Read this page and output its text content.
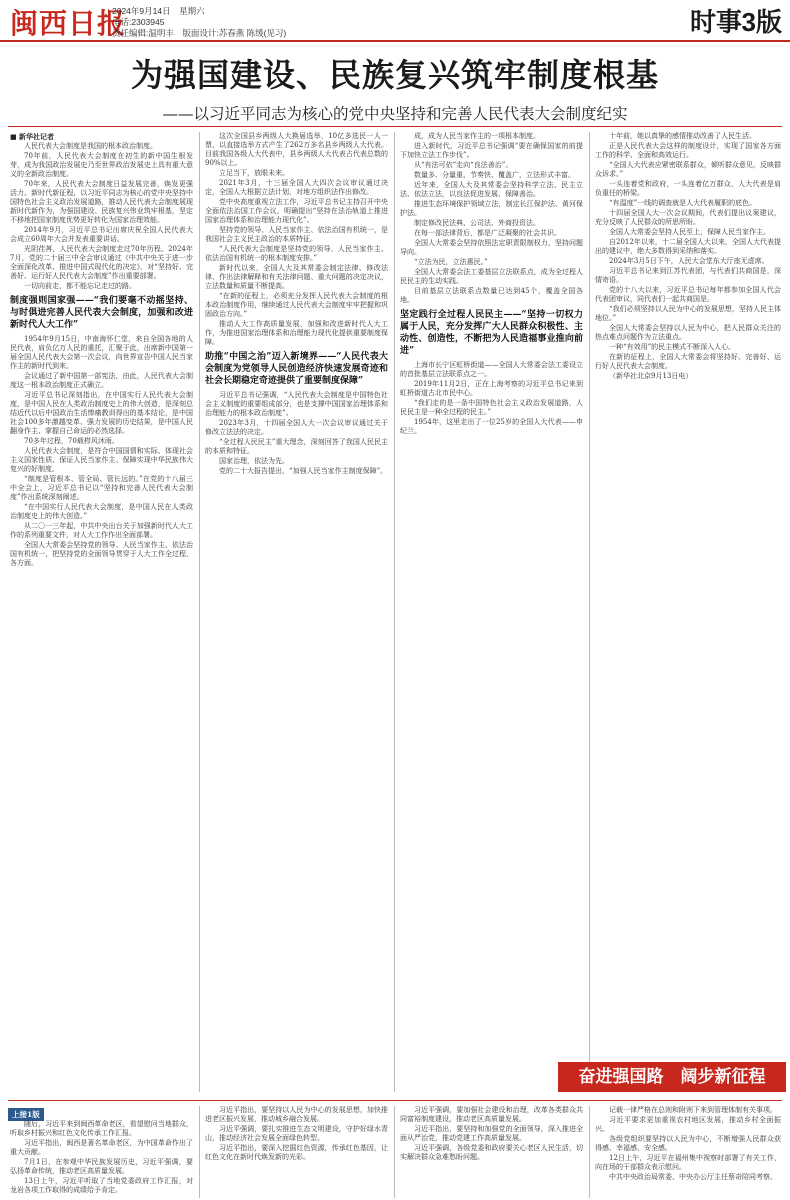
闽西日报
2024年9月14日　星期六
电话:2303945
责任编辑:温明丰　版面设计:苏春燕 陈缓(见习)	时事 3版
为强国建设、民族复兴筑牢制度根基
——以习近平同志为核心的党中央坚持和完善人民代表大会制度纪实

■ 新华社记者

人民代表大会制度是我国的根本政治制度。

70年前，人民代表大会制度在初生的新中国生根发芽，成为我国政治发展史乃至世界政治发展史上具有重大意义的全新政治制度。

70年来，人民代表大会制度日益发展完善，焕发更强活力。新时代新征程，以习近平同志为核心的党中央坚持中国特色社会主义政治发展道路，推动人民代表大会制度展现新时代新作为，为强国建设、民族复兴伟业筑牢根基，坚定不移地把国家制度优势更好转化为国家治理效能。

2014年9月，习近平总书记出席庆祝全国人民代表大会成立60周年大会并发表重要讲话。

光阴荏苒，人民代表大会制度走过70年历程。2024年7月，党的二十届三中全会审议通过《中共中央关于进一步全面深化改革、推进中国式现代化的决定》，对“坚持好、完善好、运行好人民代表大会制度”作出重要部署。

一切向前走，都不能忘记走过的路。

制度强则国家强——“我们要毫不动摇坚持、与时俱进完善人民代表大会制度，加强和改进新时代人大工作”

1954年9月15日，中南海怀仁堂，来自全国各地的人民代表，肩负亿万人民的重托，汇聚于此，出席新中国第一届全国人民代表大会第一次会议，向世界宣告中国人民当家作主的新时代到来。

会议通过了新中国第一部宪法，由此，人民代表大会制度这一根本政治制度正式确立。

习近平总书记深刻指出，在中国实行人民代表大会制度，是中国人民在人类政治制度史上的伟大创造，是深刻总结近代以后中国政治生活惨痛教训得出的基本结论，是中国社会100多年激越变革、强力发展的历史结果，是中国人民翻身作主、掌握自己命运的必然选择。

70多年过程，70载栉风沐雨。

人民代表大会制度，是符合中国国情和实际、体现社会主义国家性质、保证人民当家作主、保障实现中华民族伟大复兴的好制度。

“制度是管根本、管全局、管长远的。”在党的十八届三中全会上，习近平总书记以“坚持和完善人民代表大会制度”作出系统深刻阐述。

“在中国实行人民代表大会制度，是中国人民在人类政治制度史上的伟大创造。”

从二〇一三年起，中共中央出台关于加强新时代人大工作的系列重要文件，对人大工作作出全面部署。

全国人大常委会坚持党的领导、人民当家作主、依法治国有机统一，把坚持党的全面领导贯穿于人大工作全过程、各方面。

这次全国县乡两级人大换届选举，10亿多选民一人一票，以直接选举方式产生了262万多名县乡两级人大代表。目前我国各级人大代表中，县乡两级人大代表占代表总数的90%以上。

立足当下，放眼未来。

2021年3月，十三届全国人大四次会议审议通过决定，全国人大根据立法计划，对地方组织法作出修改。

党中央高度重视立法工作，习近平总书记主持召开中央全面依法治国工作会议，明确提出“坚持在法治轨道上推进国家治理体系和治理能力现代化”。

坚持党的领导、人民当家作主、依法治国有机统一，是我国社会主义民主政治的本质特征。

“人民代表大会制度是坚持党的领导、人民当家作主、依法治国有机统一的根本制度安排。”

新时代以来，全国人大及其常委会制定法律、修改法律、作出法律解释和有关法律问题、重大问题的决定决议，立法数量和质量不断提高。

“在新的征程上，必须充分发挥人民代表大会制度的根本政治制度作用，继续通过人民代表大会制度牢牢把握和巩固政治方向。”

推动人大工作高质量发展，加强和改进新时代人大工作，为推进国家治理体系和治理能力现代化提供重要制度保障。

助推“中国之治”迈入新境界——“人民代表大会制度为党领导人民创造经济快速发展奇迹和社会长期稳定奇迹提供了重要制度保障”

习近平总书记强调，“人民代表大会制度是中国特色社会主义制度的重要组成部分，也是支撑中国国家治理体系和治理能力的根本政治制度”。

2023年3月，十四届全国人大一次会议审议通过关于修改立法法的决定。

“全过程人民民主”重大理念，深刻回答了我国人民民主的本质和特征。

国家治理，依法为先。

党的二十大报告提出，“加强人民当家作主制度保障”。

成，成为人民当家作主的一项根本制度。

进入新时代，习近平总书记强调“要在确保国家的前提下加快立法工作步伐”。

从“有法可依”走向“良法善治”。

数量多、分量重、节奏快、覆盖广，立法形式丰富。

近年来，全国人大及其常委会坚持科学立法、民主立法、依法立法，以良法促进发展、保障善治。

推进生态环境保护领域立法，制定长江保护法、黄河保护法。

制定修改民法典、公司法、外商投资法。

在每一部法律背后，都是广泛凝聚的社会共识。

全国人大常委会坚持依照法定职责限制权力，坚持问题导向。

“立法为民，立法惠民。”

全国人大常委会法工委基层立法联系点，成为全过程人民民主的生动实践。

目前基层立法联系点数量已达到45个，覆盖全国各地。

坚定践行全过程人民民主——“坚持一切权力属于人民，充分发挥广大人民群众积极性、主动性、创造性，不断把为人民造福事业推向前进”

上海市长宁区虹桥街道——全国人大常委会法工委设立的首批基层立法联系点之一。

2019年11月2日，正在上海考察的习近平总书记来到虹桥街道古北市民中心。

“我们走的是一条中国特色社会主义政治发展道路，人民民主是一种全过程的民主。”

1954年，这里走出了一位25岁的全国人大代表——申纪兰。

十年前，她以真挚的感情推动改善了人民生活。

正是人民代表大会这样的制度设计，实现了国家各方面工作的科学、全面和高效运行。

“全国人大代表应紧密联系群众，倾听群众意见，反映群众诉求。”

一头连着党和政府，一头连着亿万群众，人大代表是肩负重任的桥梁。

“有温度”一线的调查就是人大代表履职的底色。

十四届全国人大一次会议期间，代表们提出议案建议，充分反映了人民群众的所思所盼。

全国人大常委会坚持人民至上，保障人民当家作主。

自2012年以来，十二届全国人大以来，全国人大代表提出的建议中，绝大多数得到采纳和落实。

2024年3月5日下午，人民大会堂东大厅座无虚席。

习近平总书记来到江苏代表团，与代表们共商国是，深情寄语。

党的十八大以来，习近平总书记每年都参加全国人代会代表团审议，同代表们一起共商国是。

“我们必须坚持以人民为中心的发展思想，坚持人民主体地位。”

全国人大常委会坚持以人民为中心，把人民群众关注的热点难点问题作为立法重点。

一种“有效用”的民主模式不断深入人心。

在新的征程上，全国人大常委会将坚持好、完善好、运行好人民代表大会制度。

（新华社北京9月13日电）

奋进强国路　阔步新征程
上接1版

随后，习近平来到闽西革命老区，看望慰问当地群众，听取乡村振兴和红色文化传承工作汇报。

习近平指出，闽西是著名革命老区，为中国革命作出了重大贡献。

7月1日，在参观中华民族发展历史，习近平强调，要弘扬革命传统，推动老区高质量发展。

13日上午，习近平听取了当地党委政府工作汇报，对龙岩各项工作取得的成绩给予肯定。

习近平指出，要坚持以人民为中心的发展思想，加快推进老区振兴发展，推动城乡融合发展。

习近平强调，要扎实推进生态文明建设，守护好绿水青山，推动经济社会发展全面绿色转型。

习近平指出，要深入挖掘红色资源，传承红色基因，让红色文化在新时代焕发新的光彩。

习近平强调，要加强社会建设和治理，改革各类群众共同富裕制度建设，推动老区高质量发展。

习近平指出，要坚持和加强党的全面领导，深入推进全面从严治党，推动党建工作高质量发展。

习近平强调，各级党委和政府要关心老区人民生活，切实解决群众急难愁盼问题。

记载一律严格在总则和附则下来到管理体制有关事项。

习近平要求更加重视农村地区发展，推动乡村全面振兴。

各级党组织要坚持以人民为中心，不断增强人民群众获得感、幸福感、安全感。

12日上午，习近平在福州集中视察时部署了有关工作，向在场的干部群众表示慰问。

中共中央政治局常委、中央办公厅主任蔡奇陪同考察。
